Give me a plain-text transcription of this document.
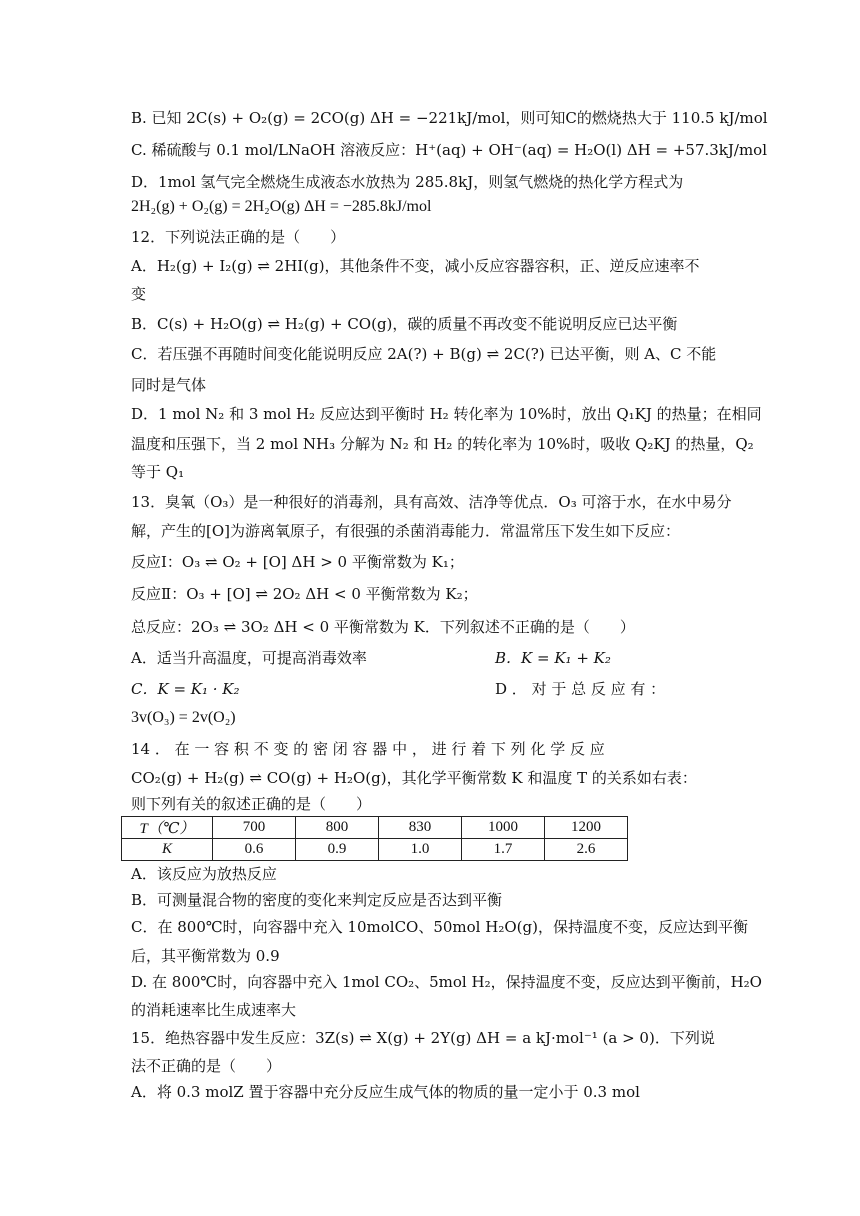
B. 已知 2C(s) + O₂(g) = 2CO(g) ΔH = −221kJ/mol，则可知C的燃烧热大于 110.5 kJ/mol
C. 稀硫酸与 0.1 mol/LNaOH 溶液反应：H⁺(aq) + OH⁻(aq) = H₂O(l) ΔH = +57.3kJ/mol
D．1mol 氢气完全燃烧生成液态水放热为 285.8kJ，则氢气燃烧的热化学方程式为
2H₂(g) + O₂(g) = 2H₂O(g) ΔH = −285.8kJ/mol
12．下列说法正确的是（　　）
A．H₂(g) + I₂(g) ⇌ 2HI(g)，其他条件不变，减小反应容器容积，正、逆反应速率不
变
B．C(s) + H₂O(g) ⇌ H₂(g) + CO(g)，碳的质量不再改变不能说明反应已达平衡
C．若压强不再随时间变化能说明反应 2A(?) + B(g) ⇌ 2C(?) 已达平衡，则 A、C 不能
同时是气体
D．1 mol N₂ 和 3 mol H₂ 反应达到平衡时 H₂ 转化率为 10%时，放出 Q₁KJ 的热量；在相同
温度和压强下，当 2 mol NH₃ 分解为 N₂ 和 H₂ 的转化率为 10%时，吸收 Q₂KJ 的热量，Q₂
等于 Q₁
13．臭氧（O₃）是一种很好的消毒剂，具有高效、洁净等优点．O₃ 可溶于水，在水中易分
解，产生的[O]为游离氧原子，有很强的杀菌消毒能力．常温常压下发生如下反应：
反应Ⅰ：O₃ ⇌ O₂ + [O] ΔH > 0 平衡常数为 K₁；
反应Ⅱ：O₃ + [O] ⇌ 2O₂ ΔH < 0 平衡常数为 K₂；
总反应：2O₃ ⇌ 3O₂ ΔH < 0 平衡常数为 K．下列叙述不正确的是（　　）
A．适当升高温度，可提高消毒效率	B．K = K₁ + K₂
C．K = K₁ · K₂	D ． 对 于 总 反 应 有 ：
3v(O₃) = 2v(O₂)
14 ． 在 一 容 积 不 变 的 密 闭 容 器 中 ， 进 行 着 下 列 化 学 反 应
CO₂(g) + H₂(g) ⇌ CO(g) + H₂O(g)，其化学平衡常数 K 和温度 T 的关系如右表：
则下列有关的叙述正确的是（　　）
T（℃）	700	800	830	1000	1200
K	0.6	0.9	1.0	1.7	2.6
A．该反应为放热反应
B．可测量混合物的密度的变化来判定反应是否达到平衡
C．在 800℃时，向容器中充入 10molCO、50mol H₂O(g)，保持温度不变，反应达到平衡
后，其平衡常数为 0.9
D. 在 800℃时，向容器中充入 1mol CO₂、5mol H₂，保持温度不变，反应达到平衡前，H₂O
的消耗速率比生成速率大
15．绝热容器中发生反应：3Z(s) ⇌ X(g) + 2Y(g) ΔH = a kJ·mol⁻¹ (a > 0)．下列说
法不正确的是（　　）
A．将 0.3 molZ 置于容器中充分反应生成气体的物质的量一定小于 0.3 mol
